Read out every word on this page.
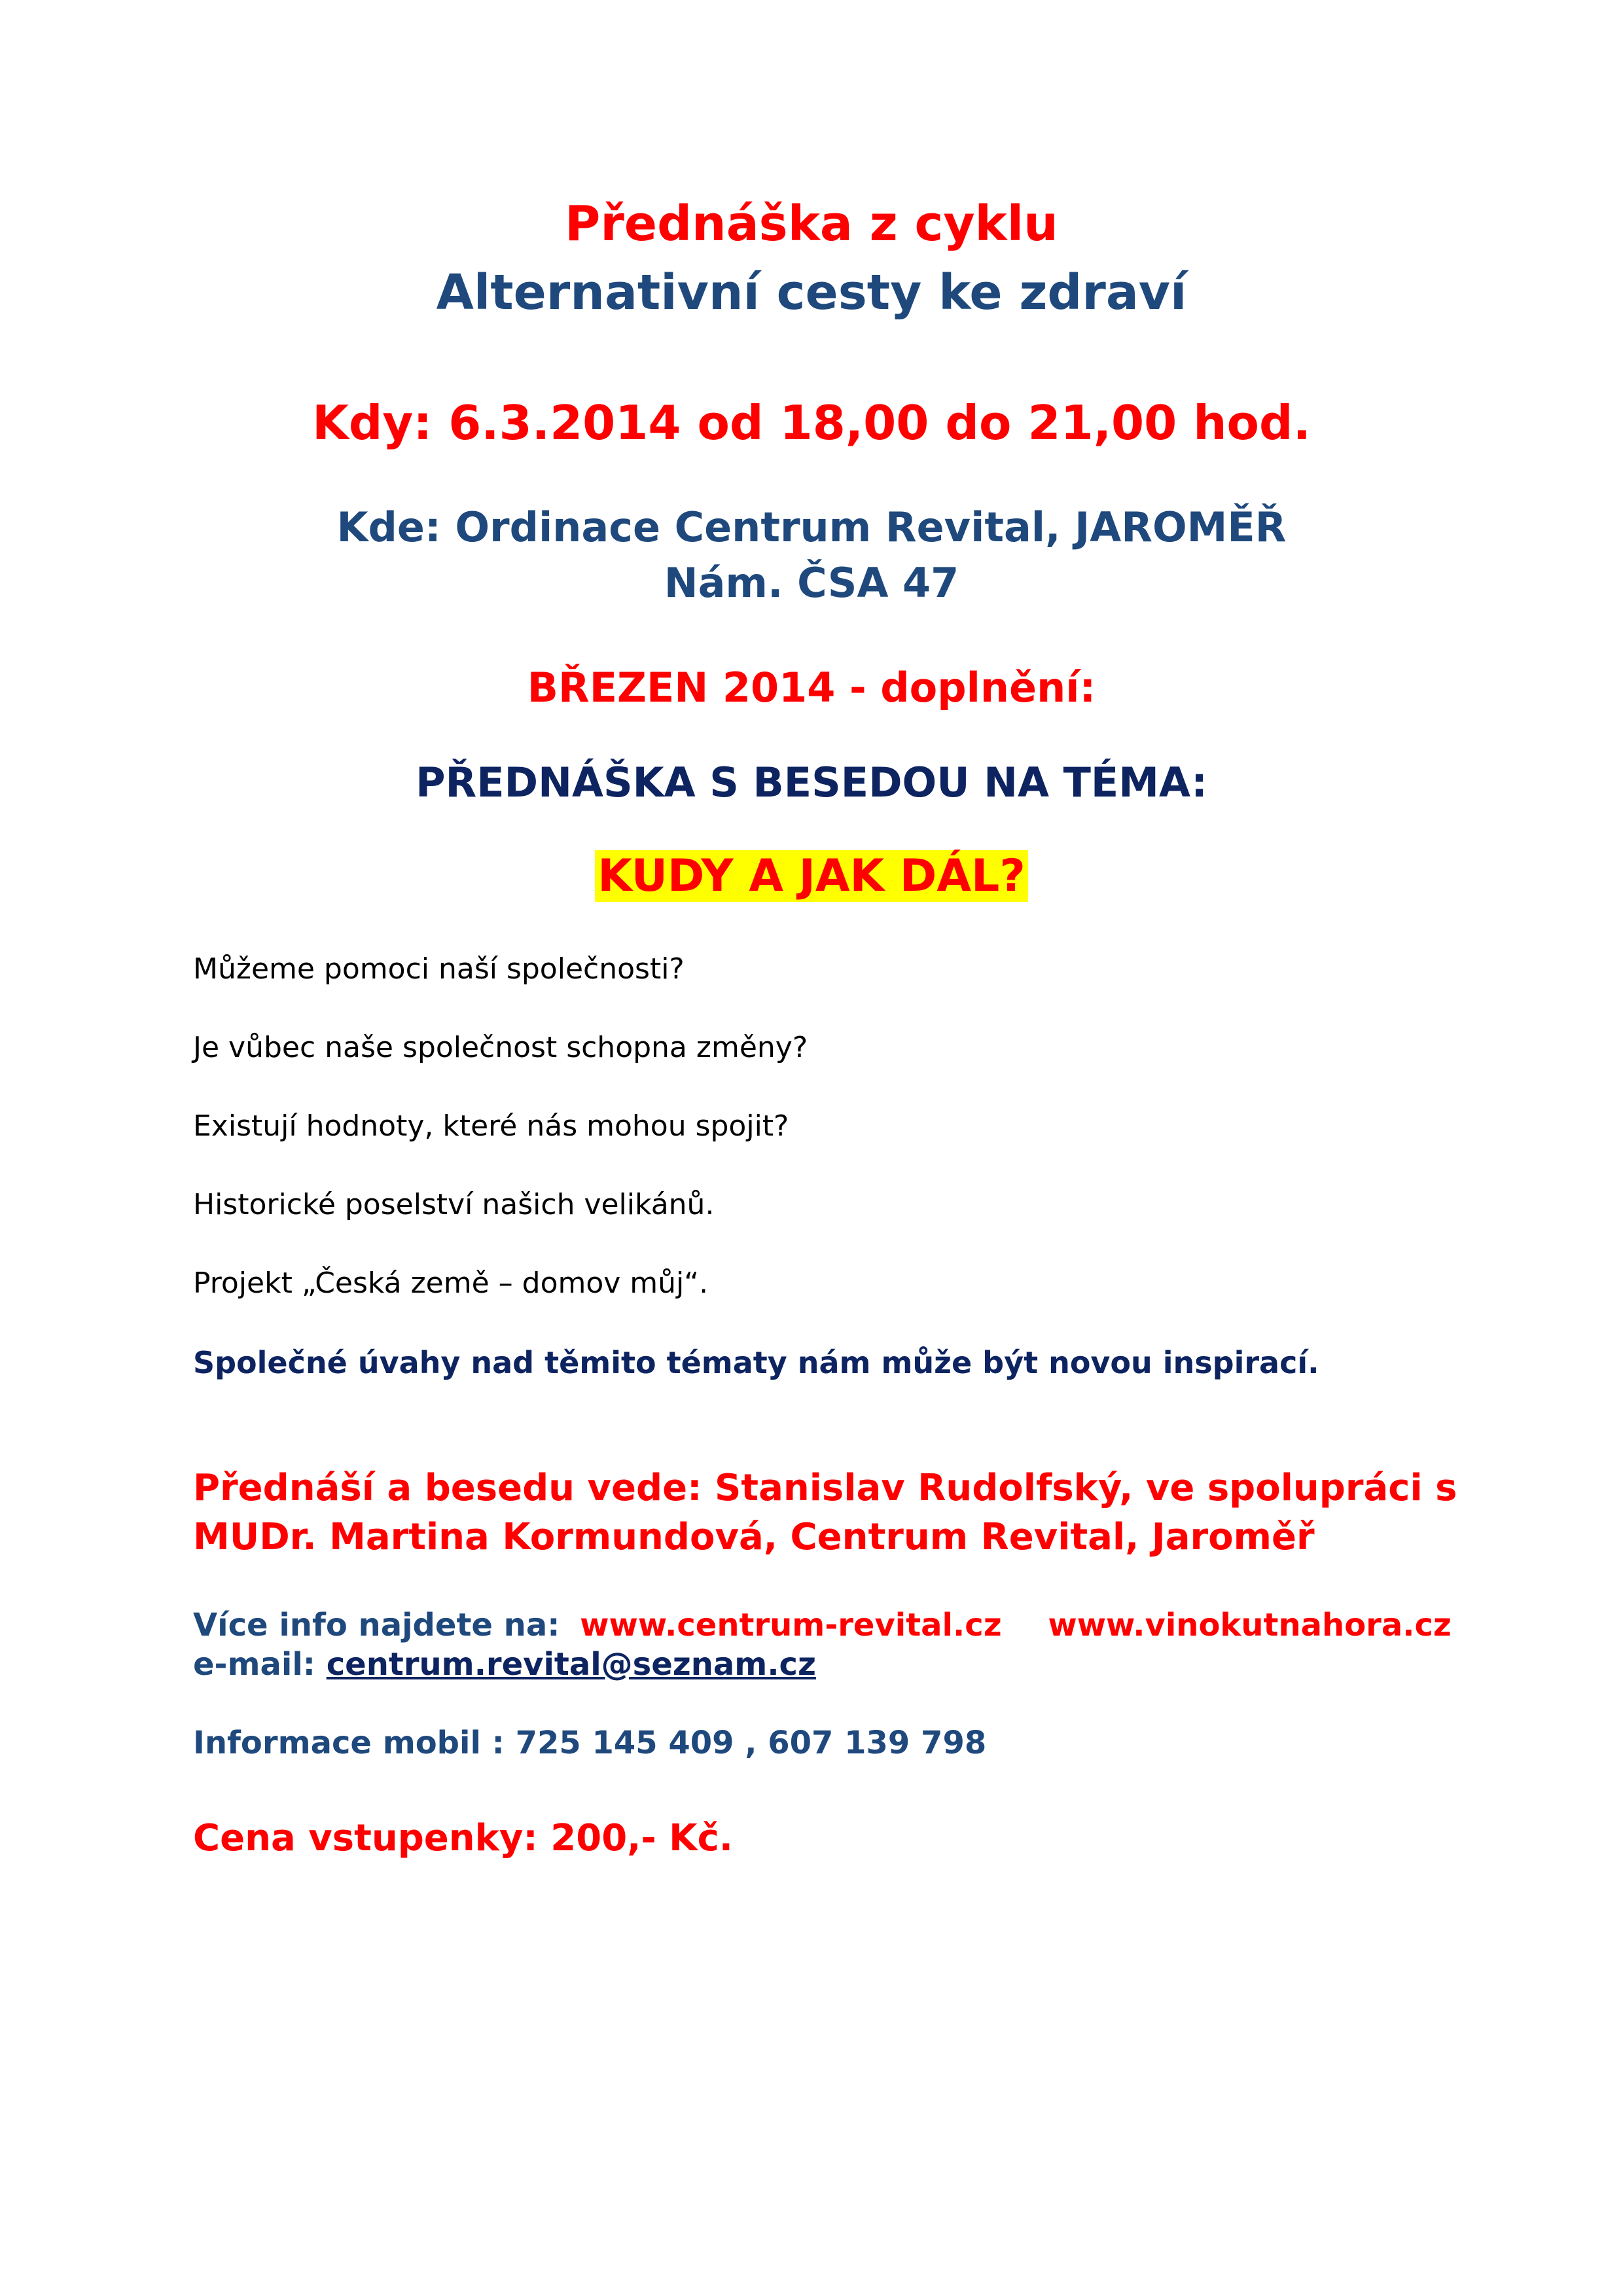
Přednáška z cyklu
Alternativní cesty ke zdraví
Kdy: 6.3.2014 od 18,00 do 21,00 hod.
Kde: Ordinace Centrum Revital, JAROMĚŘ
Nám. ČSA 47
BŘEZEN 2014 - doplnění:
PŘEDNÁŠKA S BESEDOU NA TÉMA:
KUDY A JAK DÁL?
Můžeme pomoci naší společnosti?
Je vůbec naše společnost schopna změny?
Existují hodnoty, které nás mohou spojit?
Historické poselství našich velikánů.
Projekt „Česká země – domov můj“.
Společné úvahy nad těmito tématy nám může být novou inspirací.
Přednáší a besedu vede: Stanislav Rudolfský, ve spolupráci s
MUDr. Martina Kormundová, Centrum Revital, Jaroměř
Více info najdete na: www.centrum-revital.cz www.vinokutnahora.cz
e-mail: centrum.revital@seznam.cz
Informace mobil : 725 145 409 , 607 139 798
Cena vstupenky: 200,- Kč.
